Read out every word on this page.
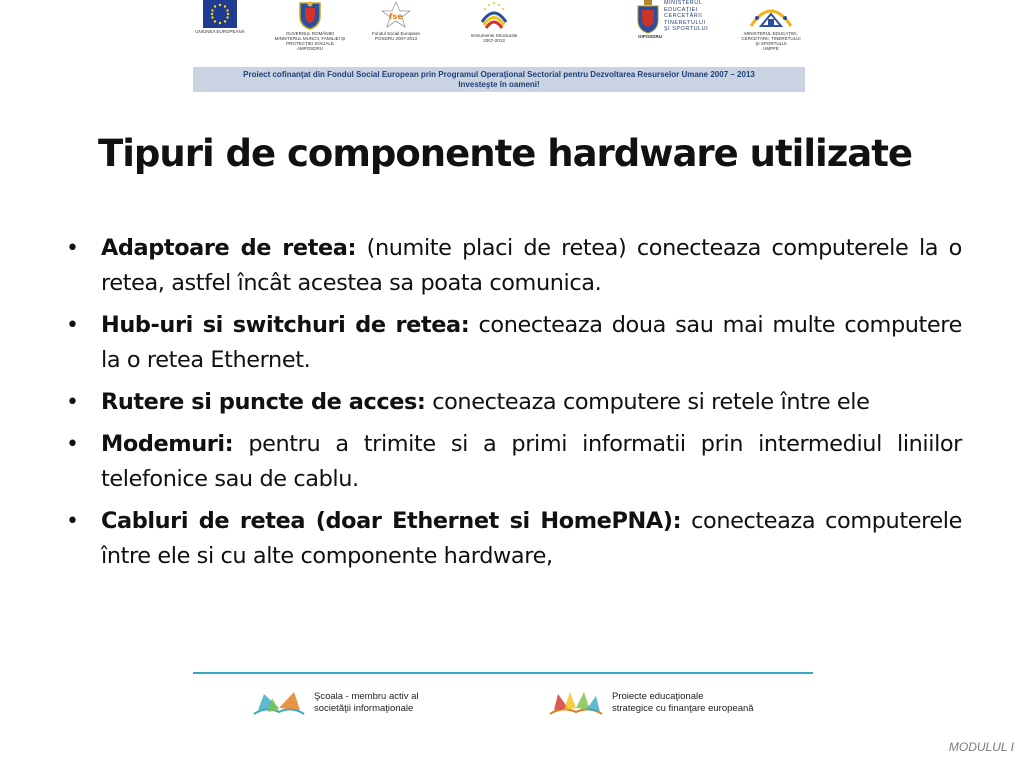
UNIUNEA EUROPEANĂ	GUVERNUL ROMÂNIEI
MINISTERUL MUNCII, FAMILIEI ŞI
PROTECŢIEI SOCIALE
AMPOSDRU
fse
Fondul Social European
POSDRU 2007-2013
Instrumente Structurale
2007-2013
MINISTERUL
EDUCAŢIEI
CERCETĂRII
TINERETULUI
ŞI SPORTULUI
OIPOSDRU
MINISTERUL EDUCAŢIEI,
CERCETĂRII, TINERETULUI
ŞI SPORTULUI
UMPFE
Proiect cofinanţat din Fondul Social European prin Programul Operaţional Sectorial pentru Dezvoltarea Resurselor Umane 2007 – 2013
Investeşte în oameni!
Tipuri de componente hardware utilizate
• Adaptoare de retea: (numite placi de retea) conecteaza computerele la o retea, astfel încât acestea sa poata comunica.
• Hub-uri si switchuri de retea: conecteaza doua sau mai multe computere la o retea Ethernet.
• Rutere si puncte de acces: conecteaza computere si retele între ele
• Modemuri: pentru a trimite si a primi informatii prin intermediul liniilor telefonice sau de cablu.
• Cabluri de retea (doar Ethernet si HomePNA): conecteaza computerele între ele si cu alte componente hardware,
Şcoala - membru activ al
societăţii informaţionale
Proiecte educaţionale
strategice cu finanţare europeană
MODULUL I
